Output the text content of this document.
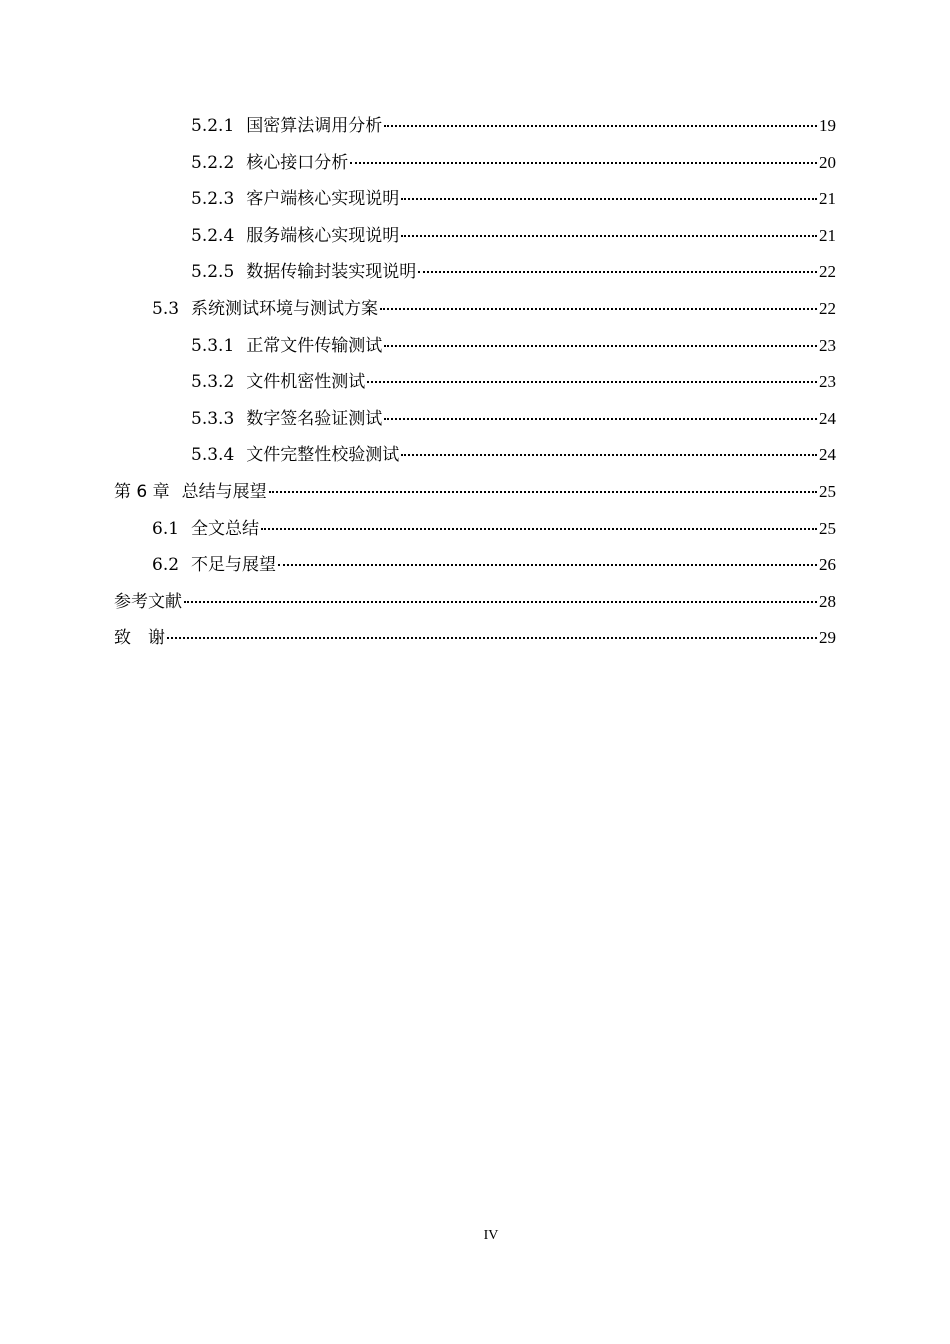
5.2.1 国密算法调用分析	19
5.2.2 核心接口分析	20
5.2.3 客户端核心实现说明	21
5.2.4 服务端核心实现说明	21
5.2.5 数据传输封装实现说明	22
5.3 系统测试环境与测试方案	22
5.3.1 正常文件传输测试	23
5.3.2 文件机密性测试	23
5.3.3 数字签名验证测试	24
5.3.4 文件完整性校验测试	24
第 6 章 总结与展望	25
6.1 全文总结	25
6.2 不足与展望	26
参考文献	28
致　谢	29
IV
